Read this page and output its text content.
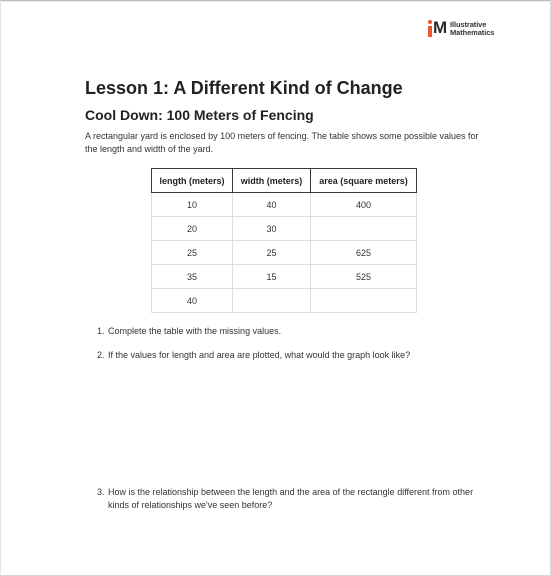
M Illustrative
Mathematics
Lesson 1: A Different Kind of Change
Cool Down: 100 Meters of Fencing

A rectangular yard is enclosed by 100 meters of fencing. The table shows some possible values for the length and width of the yard.

length (meters)	width (meters)	area (square meters)
10	40	400
20	30	
25	25	625
35	15	525
40		

1. Complete the table with the missing values.

2. If the values for length and area are plotted, what would the graph look like?

3. How is the relationship between the length and the area of the rectangle different from other kinds of relationships we've seen before?
